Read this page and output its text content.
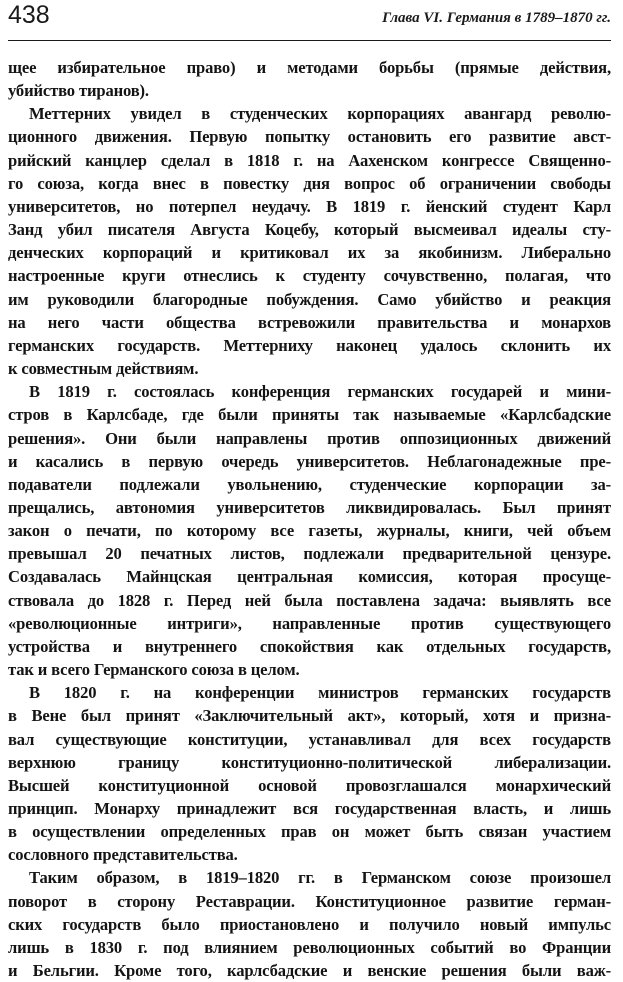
438	Глава VI. Германия в 1789–1870 гг.
щее избирательное право) и методами борьбы (прямые действия,
убийство тиранов).
Меттерних увидел в студенческих корпорациях авангард револю-
ционного движения. Первую попытку остановить его развитие авст-
рийский канцлер сделал в 1818 г. на Аахенском конгрессе Священно-
го союза, когда внес в повестку дня вопрос об ограничении свободы
университетов, но потерпел неудачу. В 1819 г. йенский студент Карл
Занд убил писателя Августа Коцебу, который высмеивал идеалы сту-
денческих корпораций и критиковал их за якобинизм. Либерально
настроенные круги отнеслись к студенту сочувственно, полагая, что
им руководили благородные побуждения. Само убийство и реакция
на него части общества встревожили правительства и монархов
германских государств. Меттерниху наконец удалось склонить их
к совместным действиям.
В 1819 г. состоялась конференция германских государей и мини-
стров в Карлсбаде, где были приняты так называемые «Карлсбадские
решения». Они были направлены против оппозиционных движений
и касались в первую очередь университетов. Неблагонадежные пре-
подаватели подлежали увольнению, студенческие корпорации за-
прещались, автономия университетов ликвидировалась. Был принят
закон о печати, по которому все газеты, журналы, книги, чей объем
превышал 20 печатных листов, подлежали предварительной цензуре.
Создавалась Майнцская центральная комиссия, которая просуще-
ствовала до 1828 г. Перед ней была поставлена задача: выявлять все
«революционные интриги», направленные против существующего
устройства и внутреннего спокойствия как отдельных государств,
так и всего Германского союза в целом.
В 1820 г. на конференции министров германских государств
в Вене был принят «Заключительный акт», который, хотя и призна-
вал существующие конституции, устанавливал для всех государств
верхнюю границу конституционно-политической либерализации.
Высшей конституционной основой провозглашался монархический
принцип. Монарху принадлежит вся государственная власть, и лишь
в осуществлении определенных прав он может быть связан участием
сословного представительства.
Таким образом, в 1819–1820 гг. в Германском союзе произошел
поворот в сторону Реставрации. Конституционное развитие герман-
ских государств было приостановлено и получило новый импульс
лишь в 1830 г. под влиянием революционных событий во Франции
и Бельгии. Кроме того, карлсбадские и венские решения были важ-
